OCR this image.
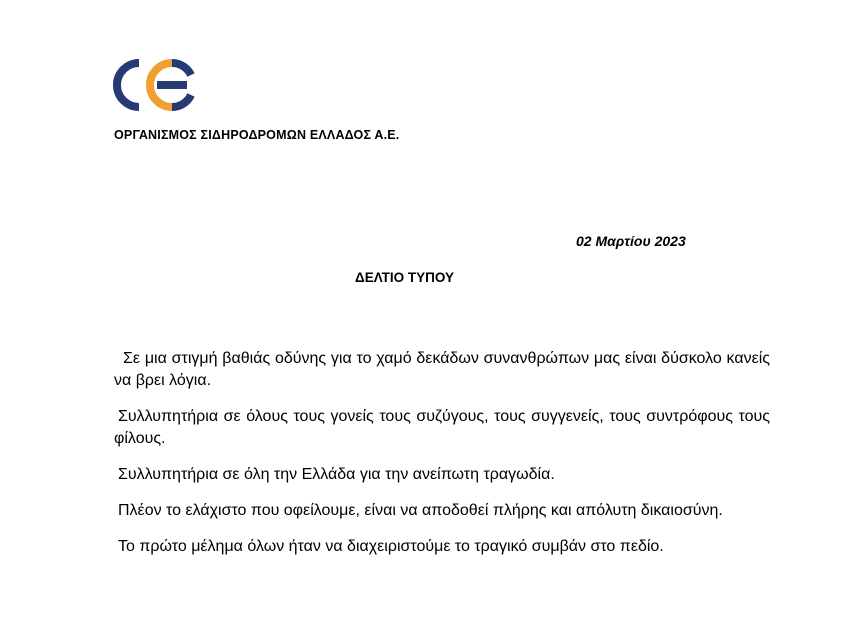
ΟΡΓΑΝΙΣΜΟΣ ΣΙΔΗΡΟΔΡΟΜΩΝ ΕΛΛΑΔΟΣ Α.Ε.
02 Μαρτίου 2023
ΔΕΛΤΙΟ ΤΥΠΟΥ

Σε μια στιγμή βαθιάς οδύνης για το χαμό δεκάδων συνανθρώπων μας είναι δύσκολο κανείς να βρει λόγια.

Συλλυπητήρια σε όλους τους γονείς τους συζύγους, τους συγγενείς, τους συντρόφους τους φίλους.

Συλλυπητήρια σε όλη την Ελλάδα για την ανείπωτη τραγωδία.

Πλέον το ελάχιστο που οφείλουμε, είναι να αποδοθεί πλήρης και απόλυτη δικαιοσύνη.

Το πρώτο μέλημα όλων ήταν να διαχειριστούμε το τραγικό συμβάν στο πεδίο.
